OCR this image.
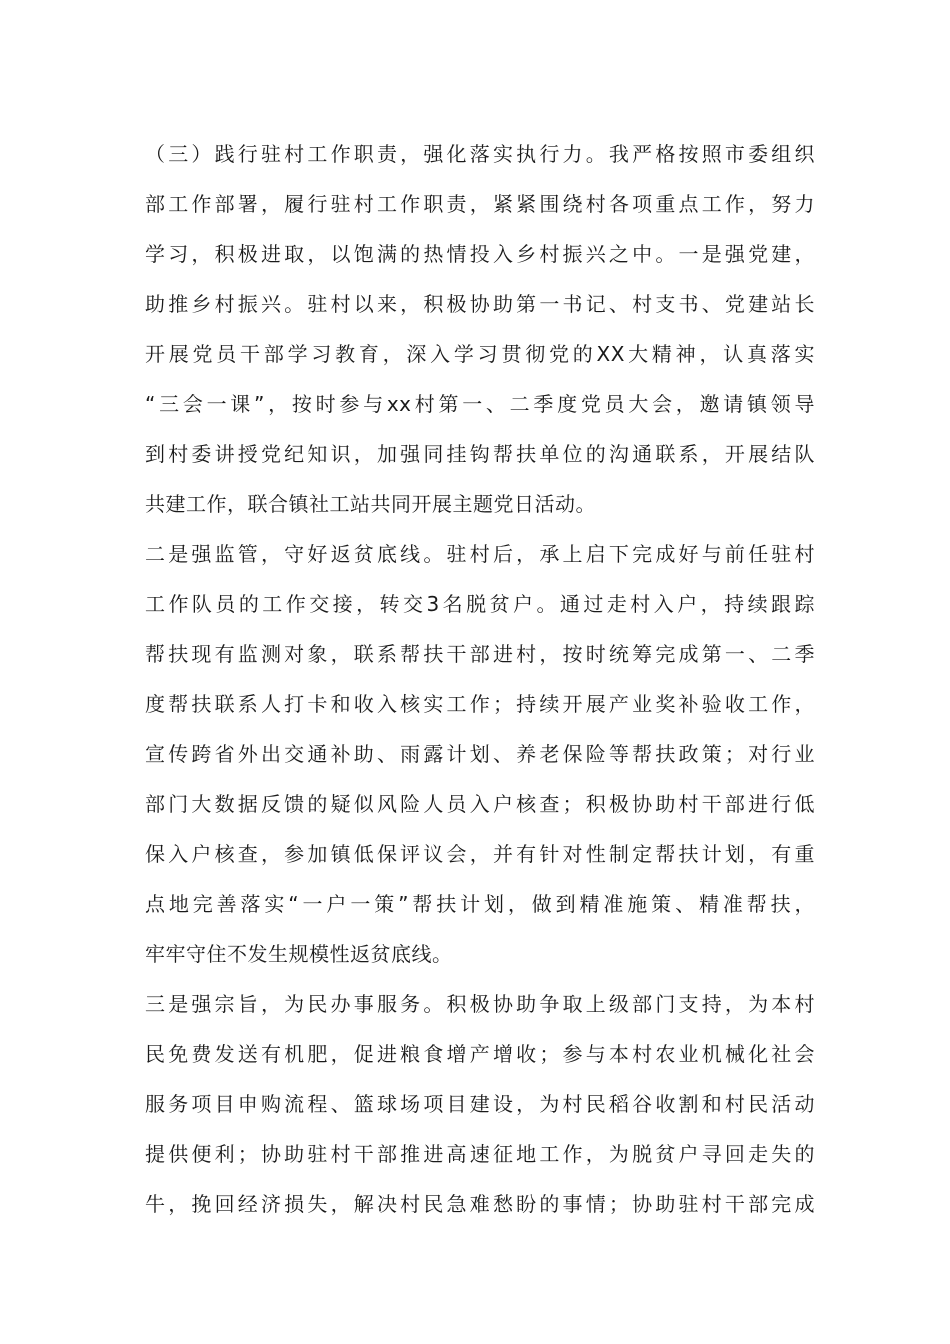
（三）践行驻村工作职责，强化落实执行力。我严格按照市委组织
部工作部署，履行驻村工作职责，紧紧围绕村各项重点工作，努力
学习，积极进取，以饱满的热情投入乡村振兴之中。一是强党建，
助推乡村振兴。驻村以来，积极协助第一书记、村支书、党建站长
开展党员干部学习教育，深入学习贯彻党的XX大精神，认真落实
“三会一课”，按时参与xx村第一、二季度党员大会，邀请镇领导
到村委讲授党纪知识，加强同挂钩帮扶单位的沟通联系，开展结队
共建工作，联合镇社工站共同开展主题党日活动。
二是强监管，守好返贫底线。驻村后，承上启下完成好与前任驻村
工作队员的工作交接，转交3名脱贫户。通过走村入户，持续跟踪
帮扶现有监测对象，联系帮扶干部进村，按时统筹完成第一、二季
度帮扶联系人打卡和收入核实工作；持续开展产业奖补验收工作，
宣传跨省外出交通补助、雨露计划、养老保险等帮扶政策；对行业
部门大数据反馈的疑似风险人员入户核查；积极协助村干部进行低
保入户核查，参加镇低保评议会，并有针对性制定帮扶计划，有重
点地完善落实“一户一策”帮扶计划，做到精准施策、精准帮扶，
牢牢守住不发生规模性返贫底线。
三是强宗旨，为民办事服务。积极协助争取上级部门支持，为本村
民免费发送有机肥，促进粮食增产增收；参与本村农业机械化社会
服务项目申购流程、篮球场项目建设，为村民稻谷收割和村民活动
提供便利；协助驻村干部推进高速征地工作，为脱贫户寻回走失的
牛，挽回经济损失，解决村民急难愁盼的事情；协助驻村干部完成
